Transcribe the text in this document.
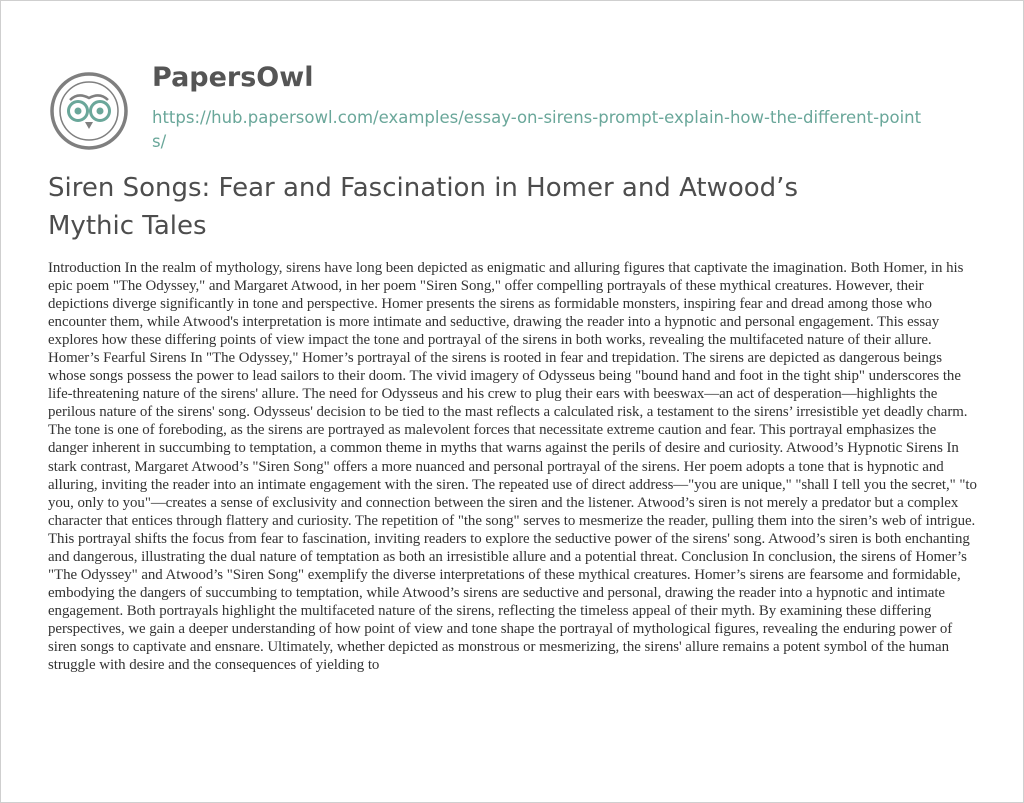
PapersOwl
https://hub.papersowl.com/examples/essay-on-sirens-prompt-explain-how-the-different-points/
Siren Songs: Fear and Fascination in Homer and Atwood’s Mythic Tales

Introduction In the realm of mythology, sirens have long been depicted as enigmatic and alluring figures that captivate the imagination. Both Homer, in his epic poem "The Odyssey," and Margaret Atwood, in her poem "Siren Song," offer compelling portrayals of these mythical creatures. However, their depictions diverge significantly in tone and perspective. Homer presents the sirens as formidable monsters, inspiring fear and dread among those who encounter them, while Atwood's interpretation is more intimate and seductive, drawing the reader into a hypnotic and personal engagement. This essay explores how these differing points of view impact the tone and portrayal of the sirens in both works, revealing the multifaceted nature of their allure. Homer’s Fearful Sirens In "The Odyssey," Homer’s portrayal of the sirens is rooted in fear and trepidation. The sirens are depicted as dangerous beings whose songs possess the power to lead sailors to their doom. The vivid imagery of Odysseus being "bound hand and foot in the tight ship" underscores the life-threatening nature of the sirens' allure. The need for Odysseus and his crew to plug their ears with beeswax—an act of desperation—highlights the perilous nature of the sirens' song. Odysseus' decision to be tied to the mast reflects a calculated risk, a testament to the sirens’ irresistible yet deadly charm. The tone is one of foreboding, as the sirens are portrayed as malevolent forces that necessitate extreme caution and fear. This portrayal emphasizes the danger inherent in succumbing to temptation, a common theme in myths that warns against the perils of desire and curiosity. Atwood’s Hypnotic Sirens In stark contrast, Margaret Atwood’s "Siren Song" offers a more nuanced and personal portrayal of the sirens. Her poem adopts a tone that is hypnotic and alluring, inviting the reader into an intimate engagement with the siren. The repeated use of direct address—"you are unique," "shall I tell you the secret," "to you, only to you"—creates a sense of exclusivity and connection between the siren and the listener. Atwood’s siren is not merely a predator but a complex character that entices through flattery and curiosity. The repetition of "the song" serves to mesmerize the reader, pulling them into the siren’s web of intrigue. This portrayal shifts the focus from fear to fascination, inviting readers to explore the seductive power of the sirens' song. Atwood’s siren is both enchanting and dangerous, illustrating the dual nature of temptation as both an irresistible allure and a potential threat. Conclusion In conclusion, the sirens of Homer’s "The Odyssey" and Atwood’s "Siren Song" exemplify the diverse interpretations of these mythical creatures. Homer’s sirens are fearsome and formidable, embodying the dangers of succumbing to temptation, while Atwood’s sirens are seductive and personal, drawing the reader into a hypnotic and intimate engagement. Both portrayals highlight the multifaceted nature of the sirens, reflecting the timeless appeal of their myth. By examining these differing perspectives, we gain a deeper understanding of how point of view and tone shape the portrayal of mythological figures, revealing the enduring power of siren songs to captivate and ensnare. Ultimately, whether depicted as monstrous or mesmerizing, the sirens' allure remains a potent symbol of the human struggle with desire and the consequences of yielding to
